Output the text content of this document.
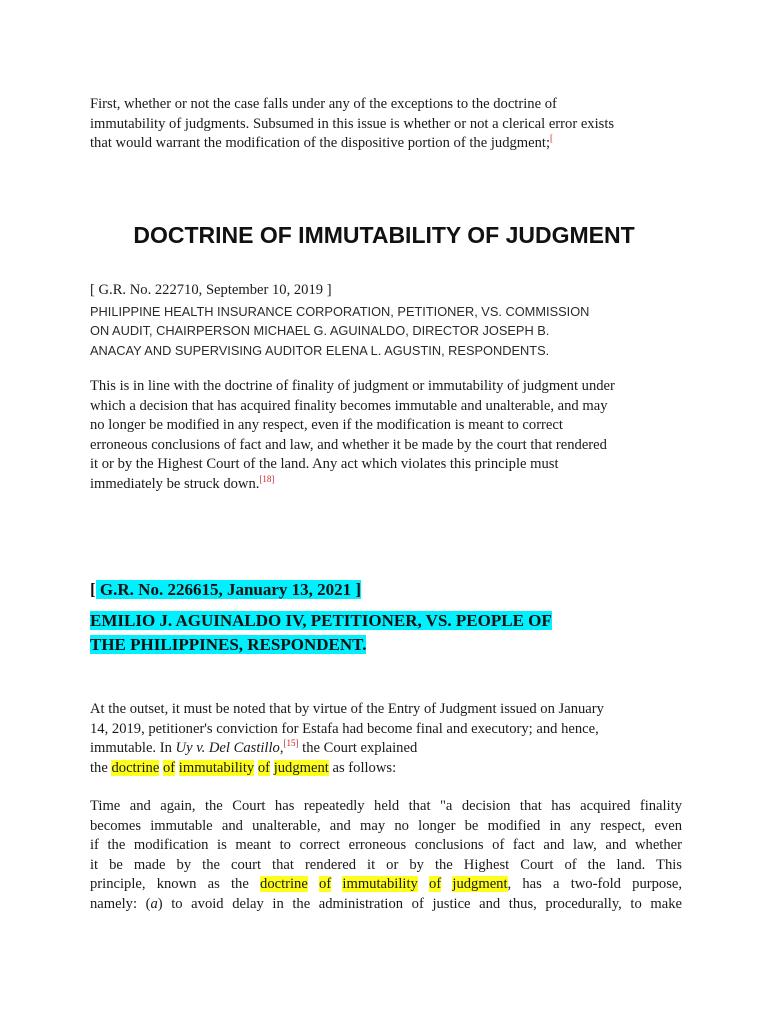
First, whether or not the case falls under any of the exceptions to the doctrine of
immutability of judgments. Subsumed in this issue is whether or not a clerical error exists
that would warrant the modification of the dispositive portion of the judgment;[
DOCTRINE OF IMMUTABILITY OF JUDGMENT
[ G.R. No. 222710, September 10, 2019 ]
PHILIPPINE HEALTH INSURANCE CORPORATION, PETITIONER, VS. COMMISSION
ON AUDIT, CHAIRPERSON MICHAEL G. AGUINALDO, DIRECTOR JOSEPH B.
ANACAY AND SUPERVISING AUDITOR ELENA L. AGUSTIN, RESPONDENTS.
This is in line with the doctrine of finality of judgment or immutability of judgment under
which a decision that has acquired finality becomes immutable and unalterable, and may
no longer be modified in any respect, even if the modification is meant to correct
erroneous conclusions of fact and law, and whether it be made by the court that rendered
it or by the Highest Court of the land. Any act which violates this principle must
immediately be struck down.[18]
[ G.R. No. 226615, January 13, 2021 ]
EMILIO J. AGUINALDO IV, PETITIONER, VS. PEOPLE OF
THE PHILIPPINES, RESPONDENT.
At the outset, it must be noted that by virtue of the Entry of Judgment issued on January
14, 2019, petitioner's conviction for Estafa had become final and executory; and hence,
immutable. In Uy v. Del Castillo,[15] the Court explained
the doctrine of immutability of judgment as follows:
Time and again, the Court has repeatedly held that "a decision that has acquired finality
becomes immutable and unalterable, and may no longer be modified in any respect, even
if the modification is meant to correct erroneous conclusions of fact and law, and whether
it be made by the court that rendered it or by the Highest Court of the land. This
principle, known as the doctrine of immutability of judgment, has a two-fold purpose,
namely: (a) to avoid delay in the administration of justice and thus, procedurally, to make
